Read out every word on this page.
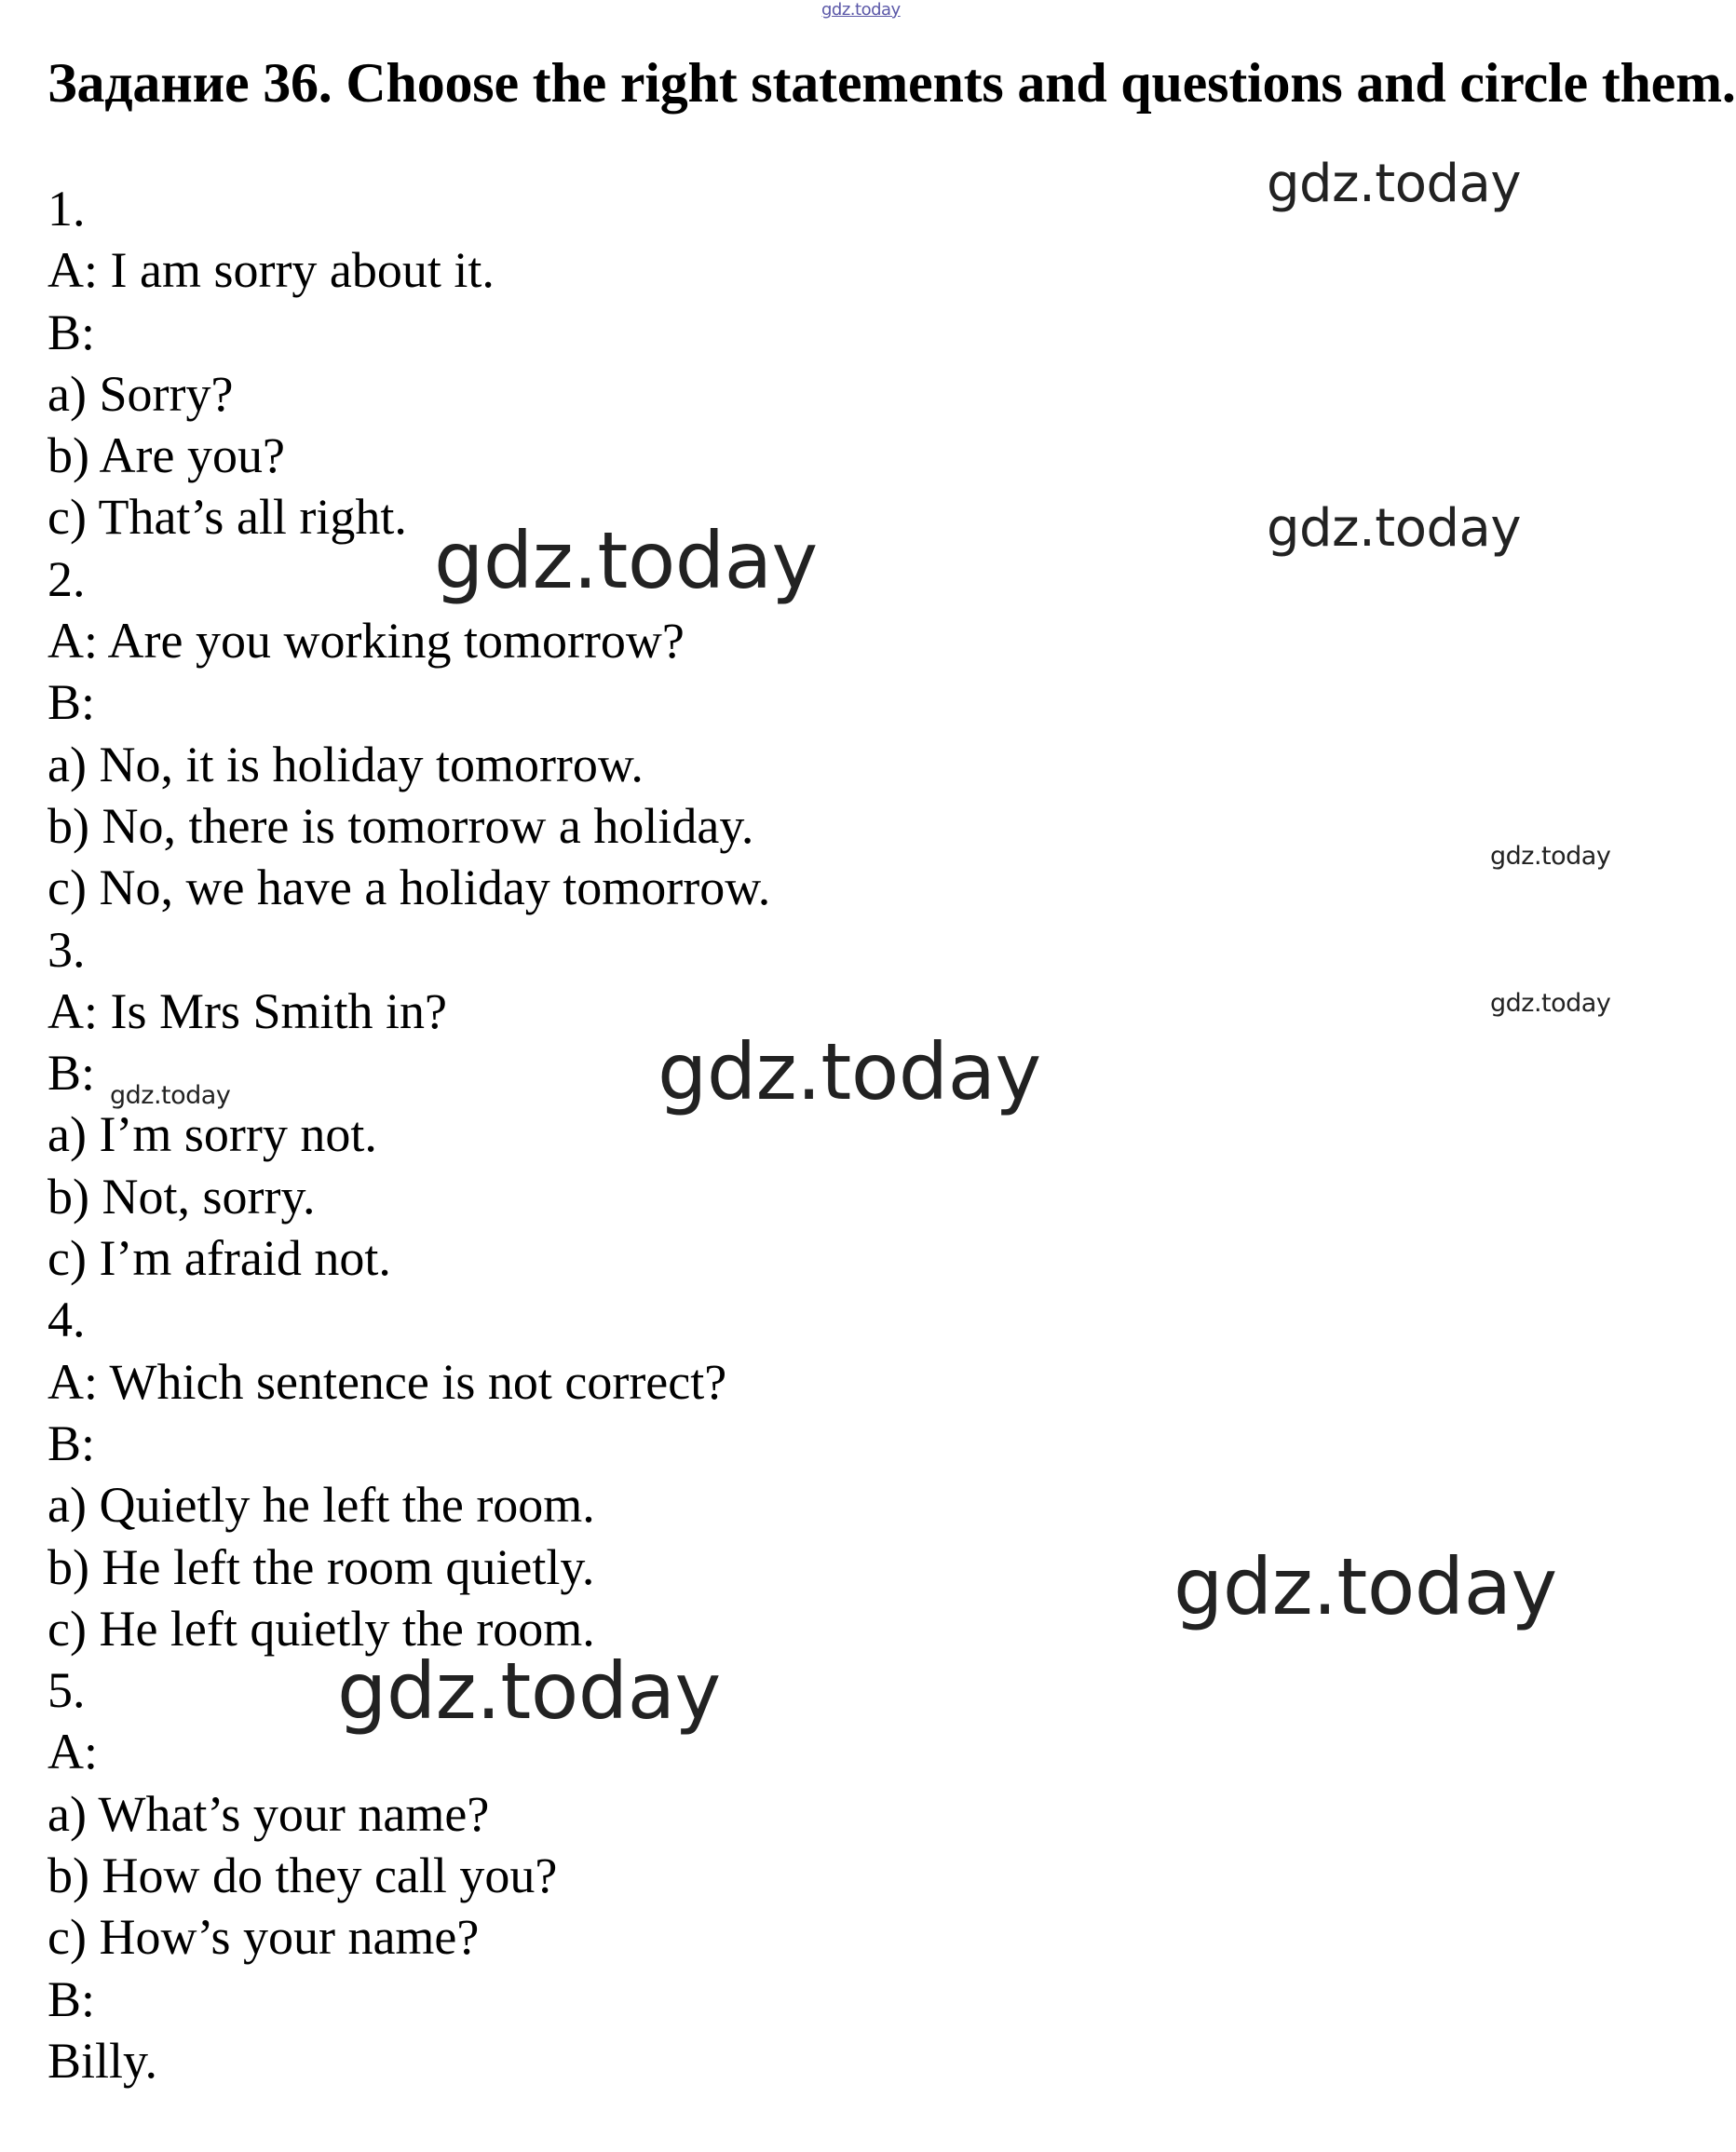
gdz.today
Задание 36. Choose the right statements and questions and circle them.
1.
A: I am sorry about it.
B:
a) Sorry?
b) Are you?
c) That’s all right.
2.
A: Are you working tomorrow?
B:
a) No, it is holiday tomorrow.
b) No, there is tomorrow a holiday.
c) No, we have a holiday tomorrow.
3.
A: Is Mrs Smith in?
B:
a) I’m sorry not.
b) Not, sorry.
c) I’m afraid not.
4.
A: Which sentence is not correct?
B:
a) Quietly he left the room.
b) He left the room quietly.
c) He left quietly the room.
5.
A:
a) What’s your name?
b) How do they call you?
c) How’s your name?
B:
Billy.
gdz.today
gdz.today
gdz.today
gdz.today
gdz.today
gdz.today	gdz.today
gdz.today
gdz.today
